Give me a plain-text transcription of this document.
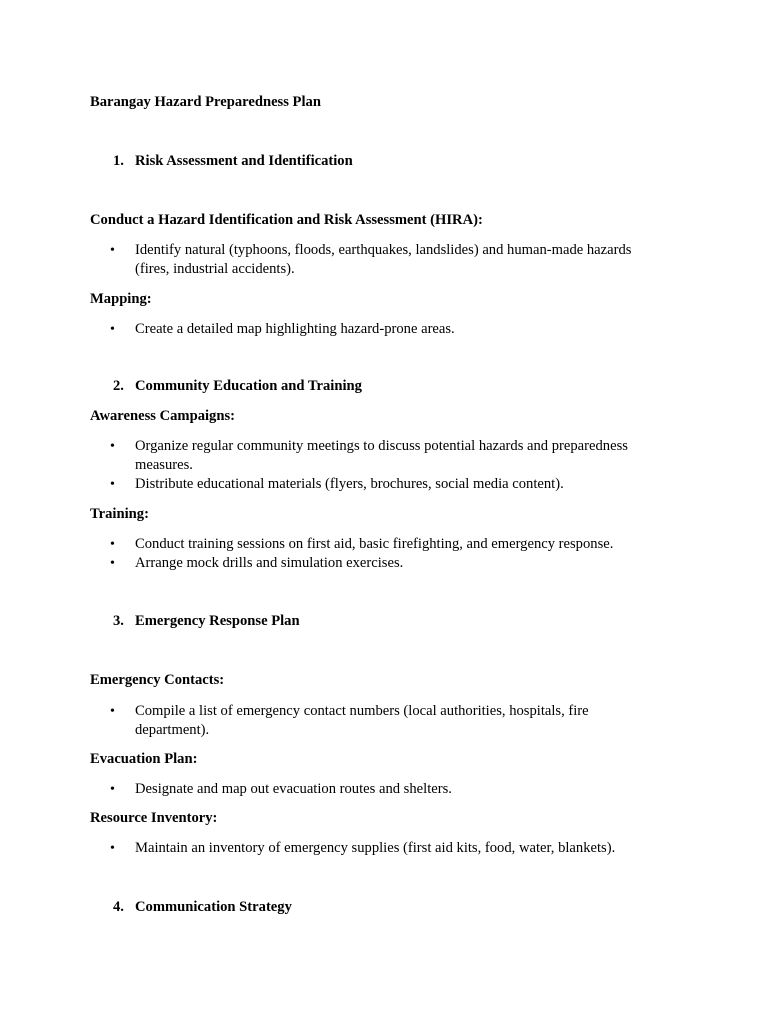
Barangay Hazard Preparedness Plan
1. Risk Assessment and Identification
Conduct a Hazard Identification and Risk Assessment (HIRA):
• Identify natural (typhoons, floods, earthquakes, landslides) and human-made hazards (fires, industrial accidents).
Mapping:
• Create a detailed map highlighting hazard-prone areas.
2. Community Education and Training
Awareness Campaigns:
• Organize regular community meetings to discuss potential hazards and preparedness measures.
• Distribute educational materials (flyers, brochures, social media content).
Training:
• Conduct training sessions on first aid, basic firefighting, and emergency response.
• Arrange mock drills and simulation exercises.
3. Emergency Response Plan
Emergency Contacts:
• Compile a list of emergency contact numbers (local authorities, hospitals, fire department).
Evacuation Plan:
• Designate and map out evacuation routes and shelters.
Resource Inventory:
• Maintain an inventory of emergency supplies (first aid kits, food, water, blankets).
4. Communication Strategy
